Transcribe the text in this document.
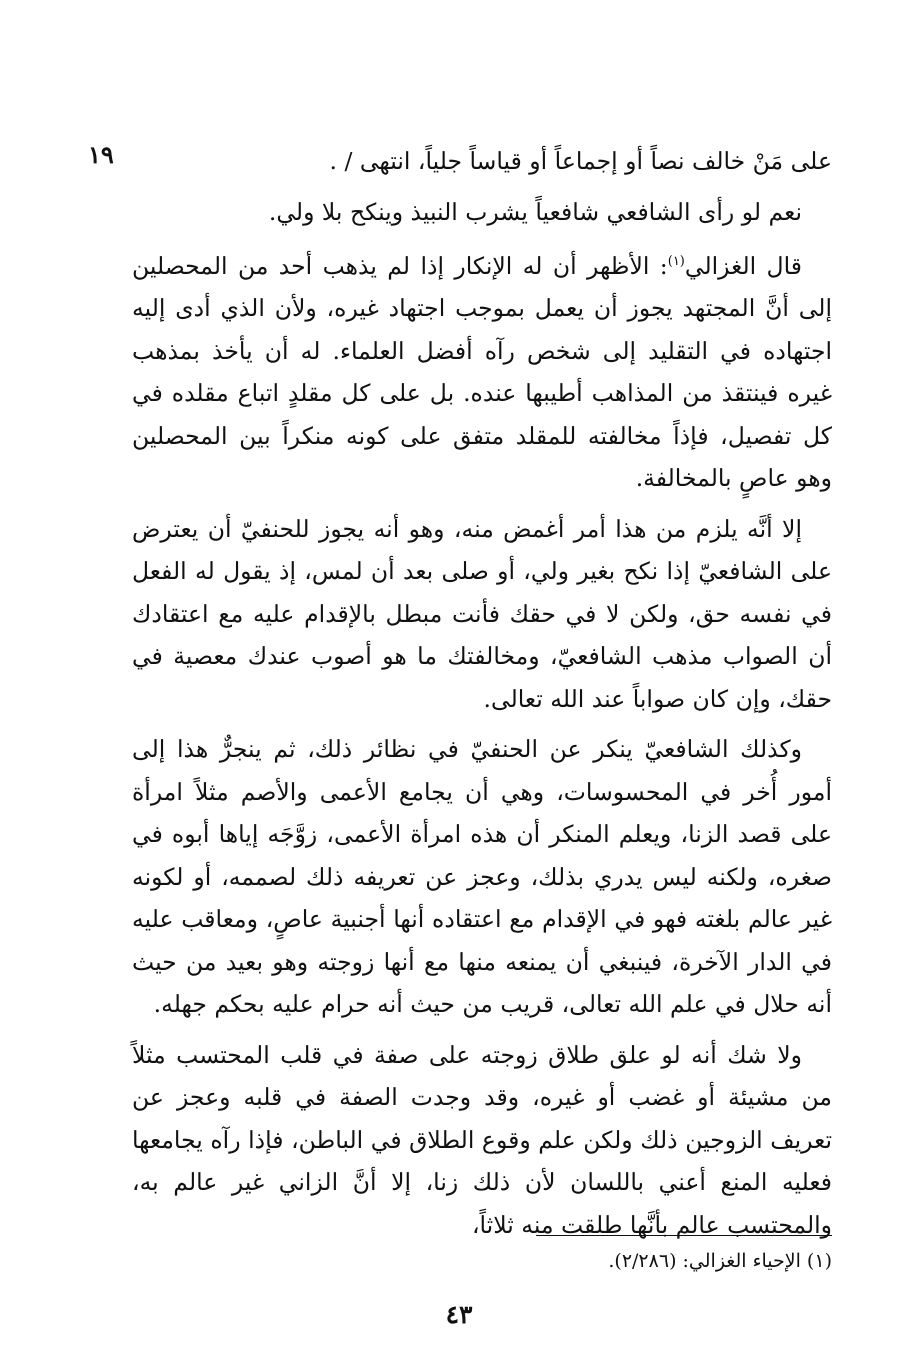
١٩	على مَنْ خالف نصاً أو إجماعاً أو قياساً جلياً، انتهى / .

نعم لو رأى الشافعي شافعياً يشرب النبيذ وينكح بلا ولي.

قال الغزالي$^{(١)}$: الأظهر أن له الإنكار إذا لم يذهب أحد من المحصلين إلى أنَّ المجتهد يجوز أن يعمل بموجب اجتهاد غيره، ولأن الذي أدى إليه اجتهاده في التقليد إلى شخص رآه أفضل العلماء. له أن يأخذ بمذهب غيره فينتقذ من المذاهب أطيبها عنده. بل على كل مقلدٍ اتباع مقلده في كل تفصيل، فإذاً مخالفته للمقلد متفق على كونه منكراً بين المحصلين وهو عاصٍ بالمخالفة.

إلا أنَّه يلزم من هذا أمر أغمض منه، وهو أنه يجوز للحنفيّ أن يعترض على الشافعيّ إذا نكح بغير ولي، أو صلى بعد أن لمس، إذ يقول له الفعل في نفسه حق، ولكن لا في حقك فأنت مبطل بالإقدام عليه مع اعتقادك أن الصواب مذهب الشافعيّ، ومخالفتك ما هو أصوب عندك معصية في حقك، وإن كان صواباً عند الله تعالى.

وكذلك الشافعيّ ينكر عن الحنفيّ في نظائر ذلك، ثم ينجرٌّ هذا إلى أمور أُخر في المحسوسات، وهي أن يجامع الأعمى والأصم مثلاً امرأة على قصد الزنا، ويعلم المنكر أن هذه امرأة الأعمى، زوَّجَه إياها أبوه في صغره، ولكنه ليس يدري بذلك، وعجز عن تعريفه ذلك لصممه، أو لكونه غير عالم بلغته فهو في الإقدام مع اعتقاده أنها أجنبية عاصٍ، ومعاقب عليه في الدار الآخرة، فينبغي أن يمنعه منها مع أنها زوجته وهو بعيد من حيث أنه حلال في علم الله تعالى، قريب من حيث أنه حرام عليه بحكم جهله.

ولا شك أنه لو علق طلاق زوجته على صفة في قلب المحتسب مثلاً من مشيئة أو غضب أو غيره، وقد وجدت الصفة في قلبه وعجز عن تعريف الزوجين ذلك ولكن علم وقوع الطلاق في الباطن، فإذا رآه يجامعها فعليه المنع أعني باللسان لأن ذلك زنا، إلا أنَّ الزاني غير عالم به، والمحتسب عالم بأنَّها طلقت منه ثلاثاً،

(١) الإحياء الغزالي: (٢/٢٨٦).
٤٣
